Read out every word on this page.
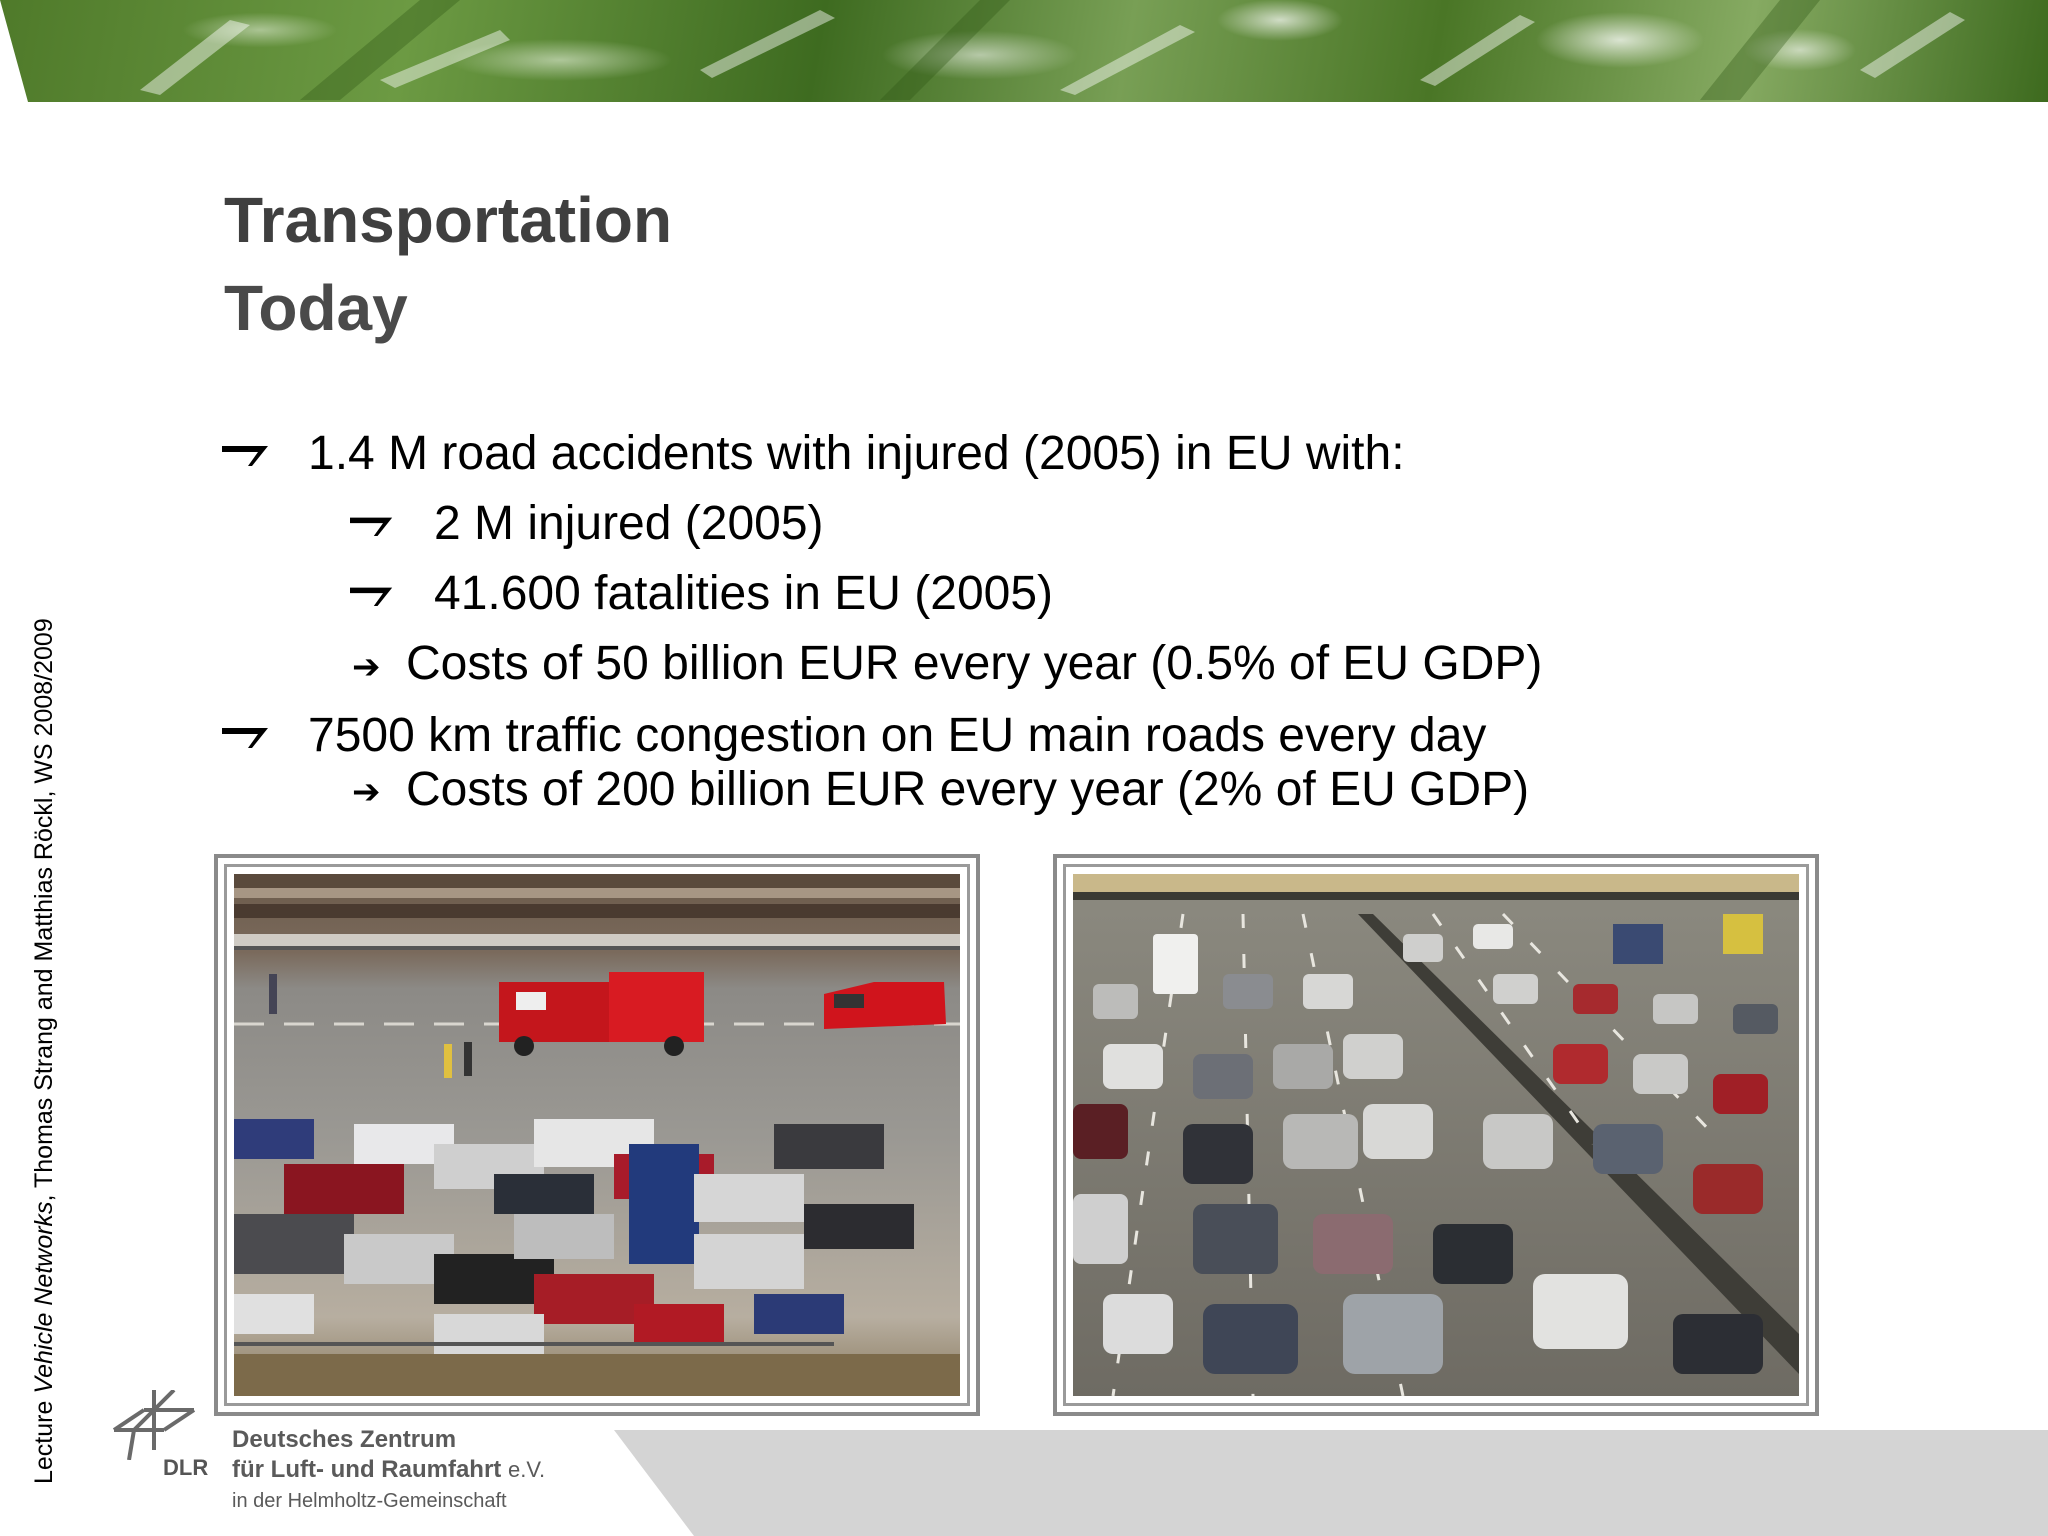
Transportation
Today
1.4 M road accidents with injured (2005) in EU with:
2 M injured (2005)
41.600 fatalities in EU (2005)
➔ Costs of 50 billion EUR every year (0.5% of EU GDP)
7500 km traffic congestion on EU main roads every day
➔ Costs of 200 billion EUR every year (2% of EU GDP)
Lecture Vehicle Networks, Thomas Strang and Matthias Röckl, WS 2008/2009
DLR
Deutsches Zentrum
für Luft- und Raumfahrt e.V.
in der Helmholtz-Gemeinschaft
